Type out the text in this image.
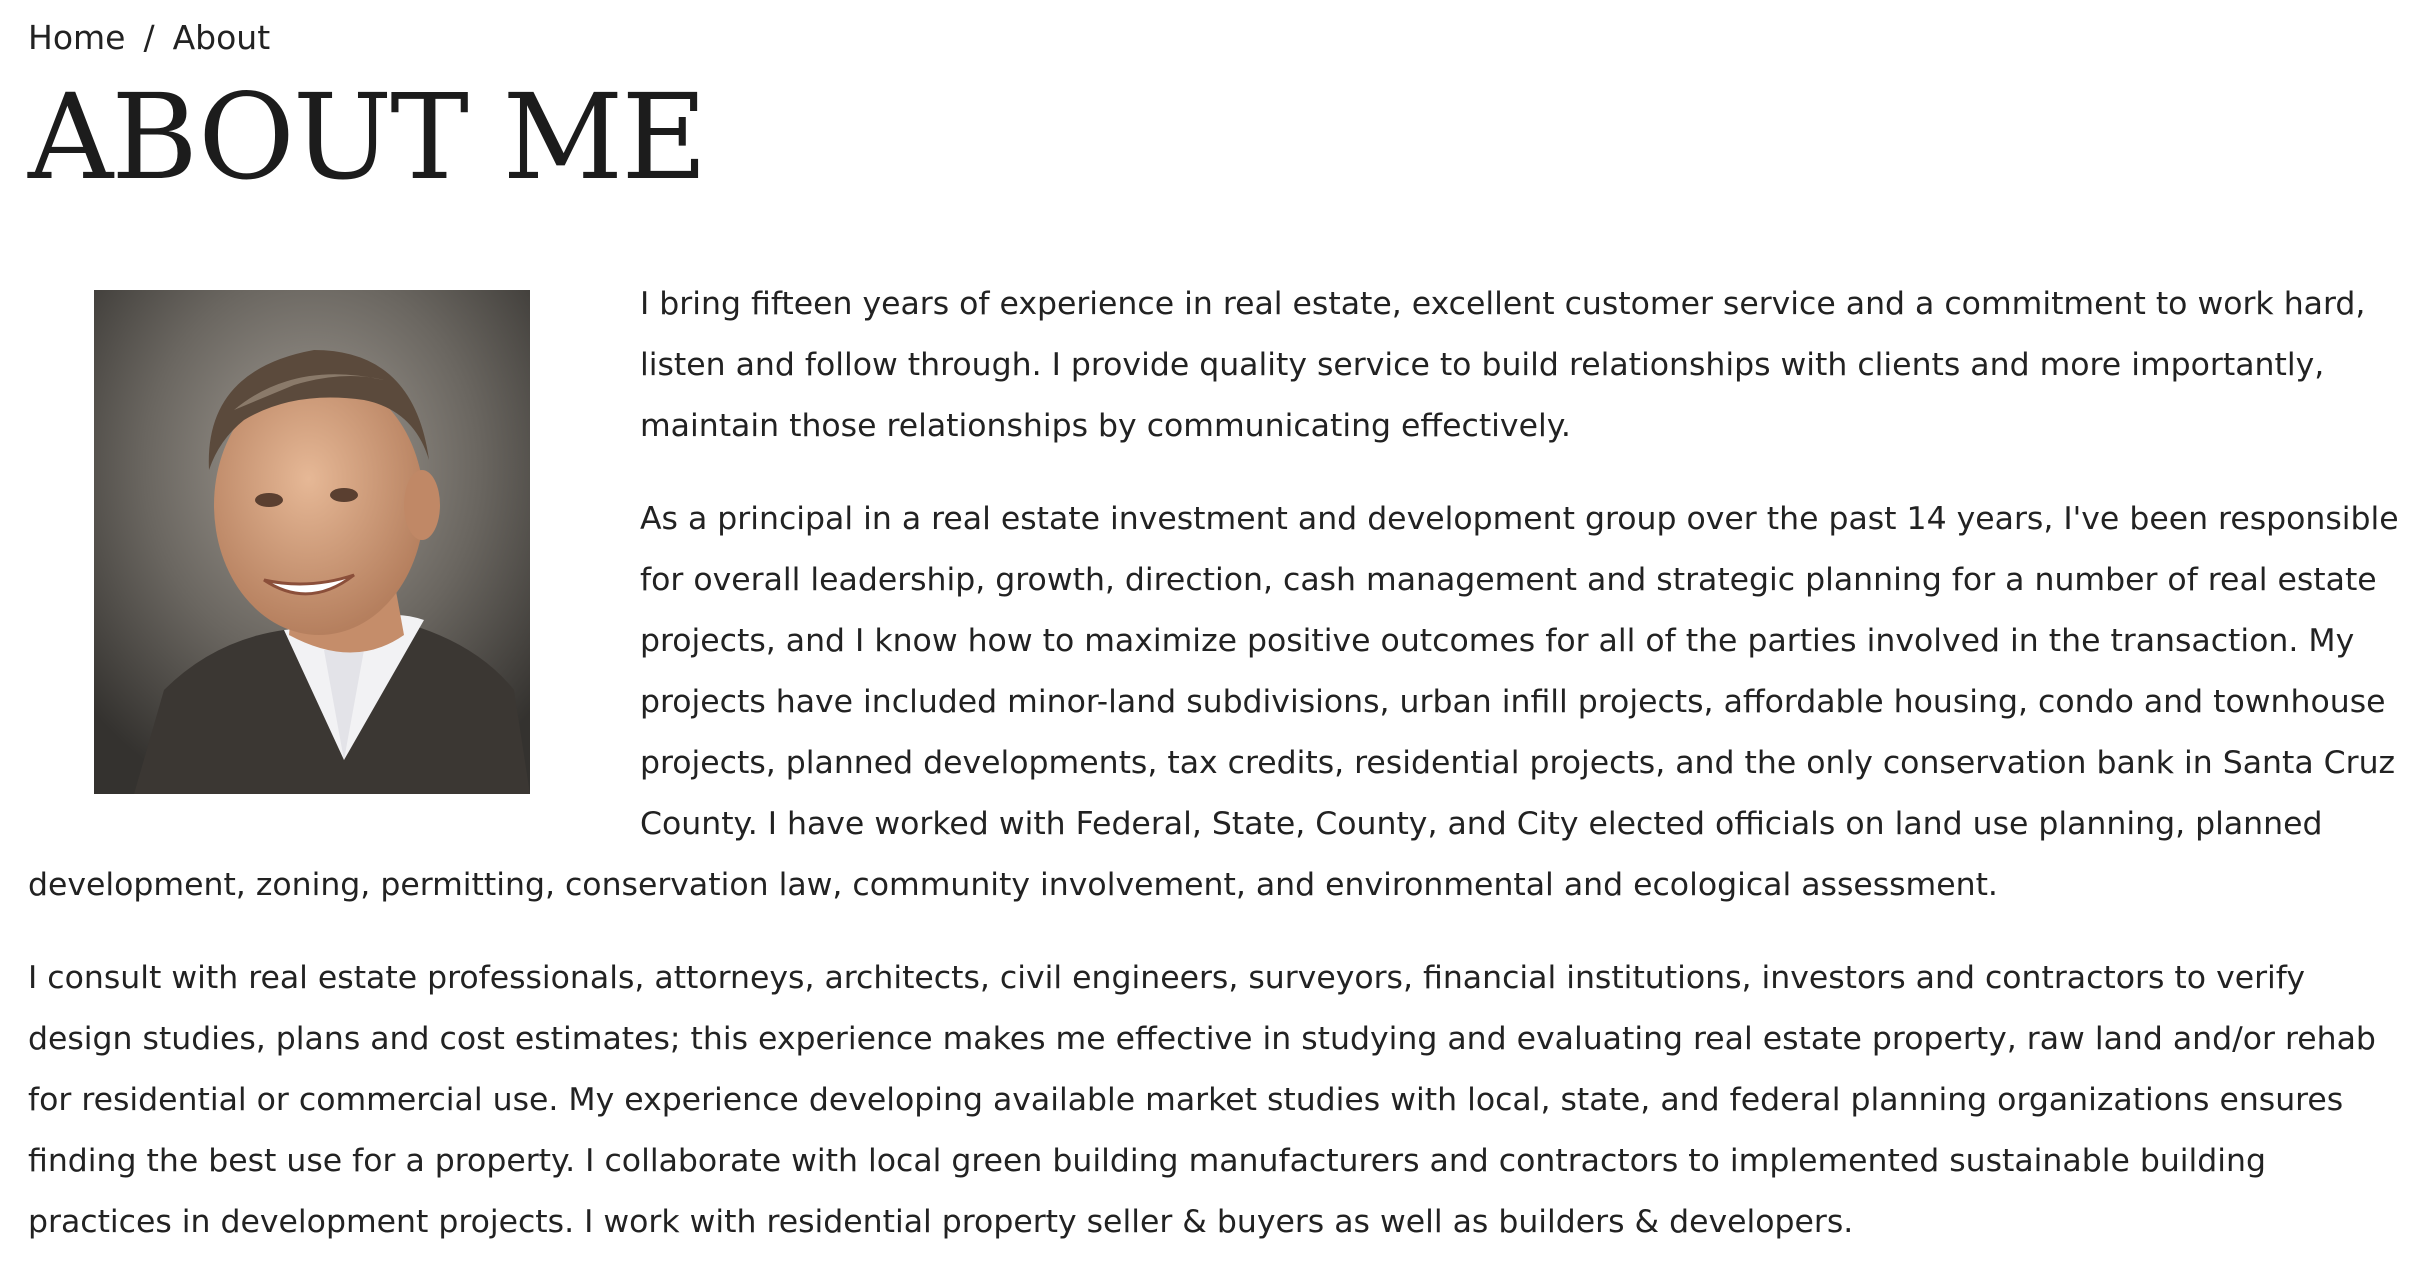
Home / About
ABOUT ME

I bring fifteen years of experience in real estate, excellent customer service and a commitment to work hard, listen and follow through. I provide quality service to build relationships with clients and more importantly, maintain those relationships by communicating effectively.

As a principal in a real estate investment and development group over the past 14 years, I've been responsible for overall leadership, growth, direction, cash management and strategic planning for a number of real estate projects, and I know how to maximize positive outcomes for all of the parties involved in the transaction. My projects have included minor-land subdivisions, urban infill projects, affordable housing, condo and townhouse projects, planned developments, tax credits, residential projects, and the only conservation bank in Santa Cruz County. I have worked with Federal, State, County, and City elected officials on land use planning, planned development, zoning, permitting, conservation law, community involvement, and environmental and ecological assessment.

I consult with real estate professionals, attorneys, architects, civil engineers, surveyors, financial institutions, investors and contractors to verify design studies, plans and cost estimates; this experience makes me effective in studying and evaluating real estate property, raw land and/or rehab for residential or commercial use. My experience developing available market studies with local, state, and federal planning organizations ensures finding the best use for a property. I collaborate with local green building manufacturers and contractors to implemented sustainable building practices in development projects. I work with residential property seller & buyers as well as builders & developers.
